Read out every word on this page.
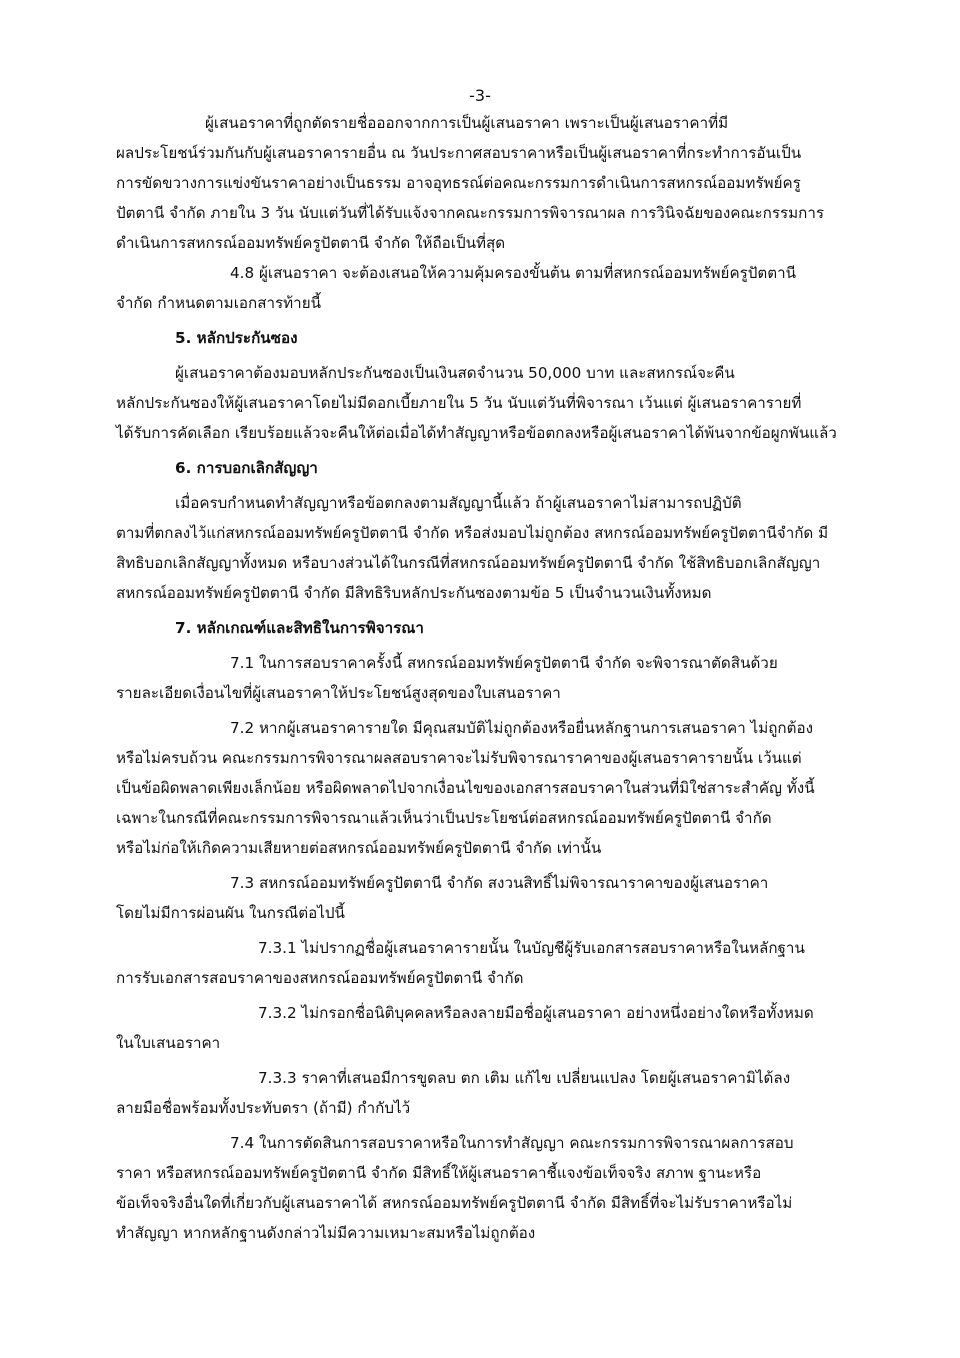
-3-
ผู้เสนอราคาที่ถูกตัดรายชื่อออกจากการเป็นผู้เสนอราคา เพราะเป็นผู้เสนอราคาที่มี
ผลประโยชน์ร่วมกันกับผู้เสนอราคารายอื่น ณ วันประกาศสอบราคาหรือเป็นผู้เสนอราคาที่กระทำการอันเป็น
การขัดขวางการแข่งขันราคาอย่างเป็นธรรม อาจอุทธรณ์ต่อคณะกรรมการดำเนินการสหกรณ์ออมทรัพย์ครู
ปัตตานี จำกัด ภายใน 3 วัน นับแต่วันที่ได้รับแจ้งจากคณะกรรมการพิจารณาผล การวินิจฉัยของคณะกรรมการ
ดำเนินการสหกรณ์ออมทรัพย์ครูปัตตานี จำกัด ให้ถือเป็นที่สุด
4.8 ผู้เสนอราคา จะต้องเสนอให้ความคุ้มครองขั้นต้น ตามที่สหกรณ์ออมทรัพย์ครูปัตตานี
จำกัด กำหนดตามเอกสารท้ายนี้
5. หลักประกันซอง
ผู้เสนอราคาต้องมอบหลักประกันซองเป็นเงินสดจำนวน 50,000 บาท และสหกรณ์จะคืน
หลักประกันซองให้ผู้เสนอราคาโดยไม่มีดอกเบี้ยภายใน 5 วัน นับแต่วันที่พิจารณา เว้นแต่ ผู้เสนอราคารายที่
ได้รับการคัดเลือก เรียบร้อยแล้วจะคืนให้ต่อเมื่อได้ทำสัญญาหรือข้อตกลงหรือผู้เสนอราคาได้พ้นจากข้อผูกพันแล้ว
6. การบอกเลิกสัญญา
เมื่อครบกำหนดทำสัญญาหรือข้อตกลงตามสัญญานี้แล้ว ถ้าผู้เสนอราคาไม่สามารถปฏิบัติ
ตามที่ตกลงไว้แก่สหกรณ์ออมทรัพย์ครูปัตตานี จำกัด หรือส่งมอบไม่ถูกต้อง สหกรณ์ออมทรัพย์ครูปัตตานีจำกัด มี
สิทธิบอกเลิกสัญญาทั้งหมด หรือบางส่วนได้ในกรณีที่สหกรณ์ออมทรัพย์ครูปัตตานี จำกัด ใช้สิทธิบอกเลิกสัญญา
สหกรณ์ออมทรัพย์ครูปัตตานี จำกัด มีสิทธิริบหลักประกันซองตามข้อ 5 เป็นจำนวนเงินทั้งหมด
7. หลักเกณฑ์และสิทธิในการพิจารณา
7.1 ในการสอบราคาครั้งนี้ สหกรณ์ออมทรัพย์ครูปัตตานี จำกัด จะพิจารณาตัดสินด้วย
รายละเอียดเงื่อนไขที่ผู้เสนอราคาให้ประโยชน์สูงสุดของใบเสนอราคา
7.2 หากผู้เสนอราคารายใด มีคุณสมบัติไม่ถูกต้องหรือยื่นหลักฐานการเสนอราคา ไม่ถูกต้อง
หรือไม่ครบถ้วน คณะกรรมการพิจารณาผลสอบราคาจะไม่รับพิจารณาราคาของผู้เสนอราคารายนั้น เว้นแต่
เป็นข้อผิดพลาดเพียงเล็กน้อย หรือผิดพลาดไปจากเงื่อนไขของเอกสารสอบราคาในส่วนที่มิใช่สาระสำคัญ ทั้งนี้
เฉพาะในกรณีที่คณะกรรมการพิจารณาแล้วเห็นว่าเป็นประโยชน์ต่อสหกรณ์ออมทรัพย์ครูปัตตานี จำกัด
หรือไม่ก่อให้เกิดความเสียหายต่อสหกรณ์ออมทรัพย์ครูปัตตานี จำกัด เท่านั้น
7.3 สหกรณ์ออมทรัพย์ครูปัตตานี จำกัด สงวนสิทธิ์ไม่พิจารณาราคาของผู้เสนอราคา
โดยไม่มีการผ่อนผัน ในกรณีต่อไปนี้
7.3.1 ไม่ปรากฏชื่อผู้เสนอราคารายนั้น ในบัญชีผู้รับเอกสารสอบราคาหรือในหลักฐาน
การรับเอกสารสอบราคาของสหกรณ์ออมทรัพย์ครูปัตตานี จำกัด
7.3.2 ไม่กรอกชื่อนิติบุคคลหรือลงลายมือชื่อผู้เสนอราคา อย่างหนึ่งอย่างใดหรือทั้งหมด
ในใบเสนอราคา
7.3.3 ราคาที่เสนอมีการขูดลบ ตก เติม แก้ไข เปลี่ยนแปลง โดยผู้เสนอราคามิได้ลง
ลายมือชื่อพร้อมทั้งประทับตรา (ถ้ามี) กำกับไว้
7.4 ในการตัดสินการสอบราคาหรือในการทำสัญญา คณะกรรมการพิจารณาผลการสอบ
ราคา หรือสหกรณ์ออมทรัพย์ครูปัตตานี จำกัด มีสิทธิ์ให้ผู้เสนอราคาชี้แจงข้อเท็จจริง สภาพ ฐานะหรือ
ข้อเท็จจริงอื่นใดที่เกี่ยวกับผู้เสนอราคาได้ สหกรณ์ออมทรัพย์ครูปัตตานี จำกัด มีสิทธิ์ที่จะไม่รับราคาหรือไม่
ทำสัญญา หากหลักฐานดังกล่าวไม่มีความเหมาะสมหรือไม่ถูกต้อง
